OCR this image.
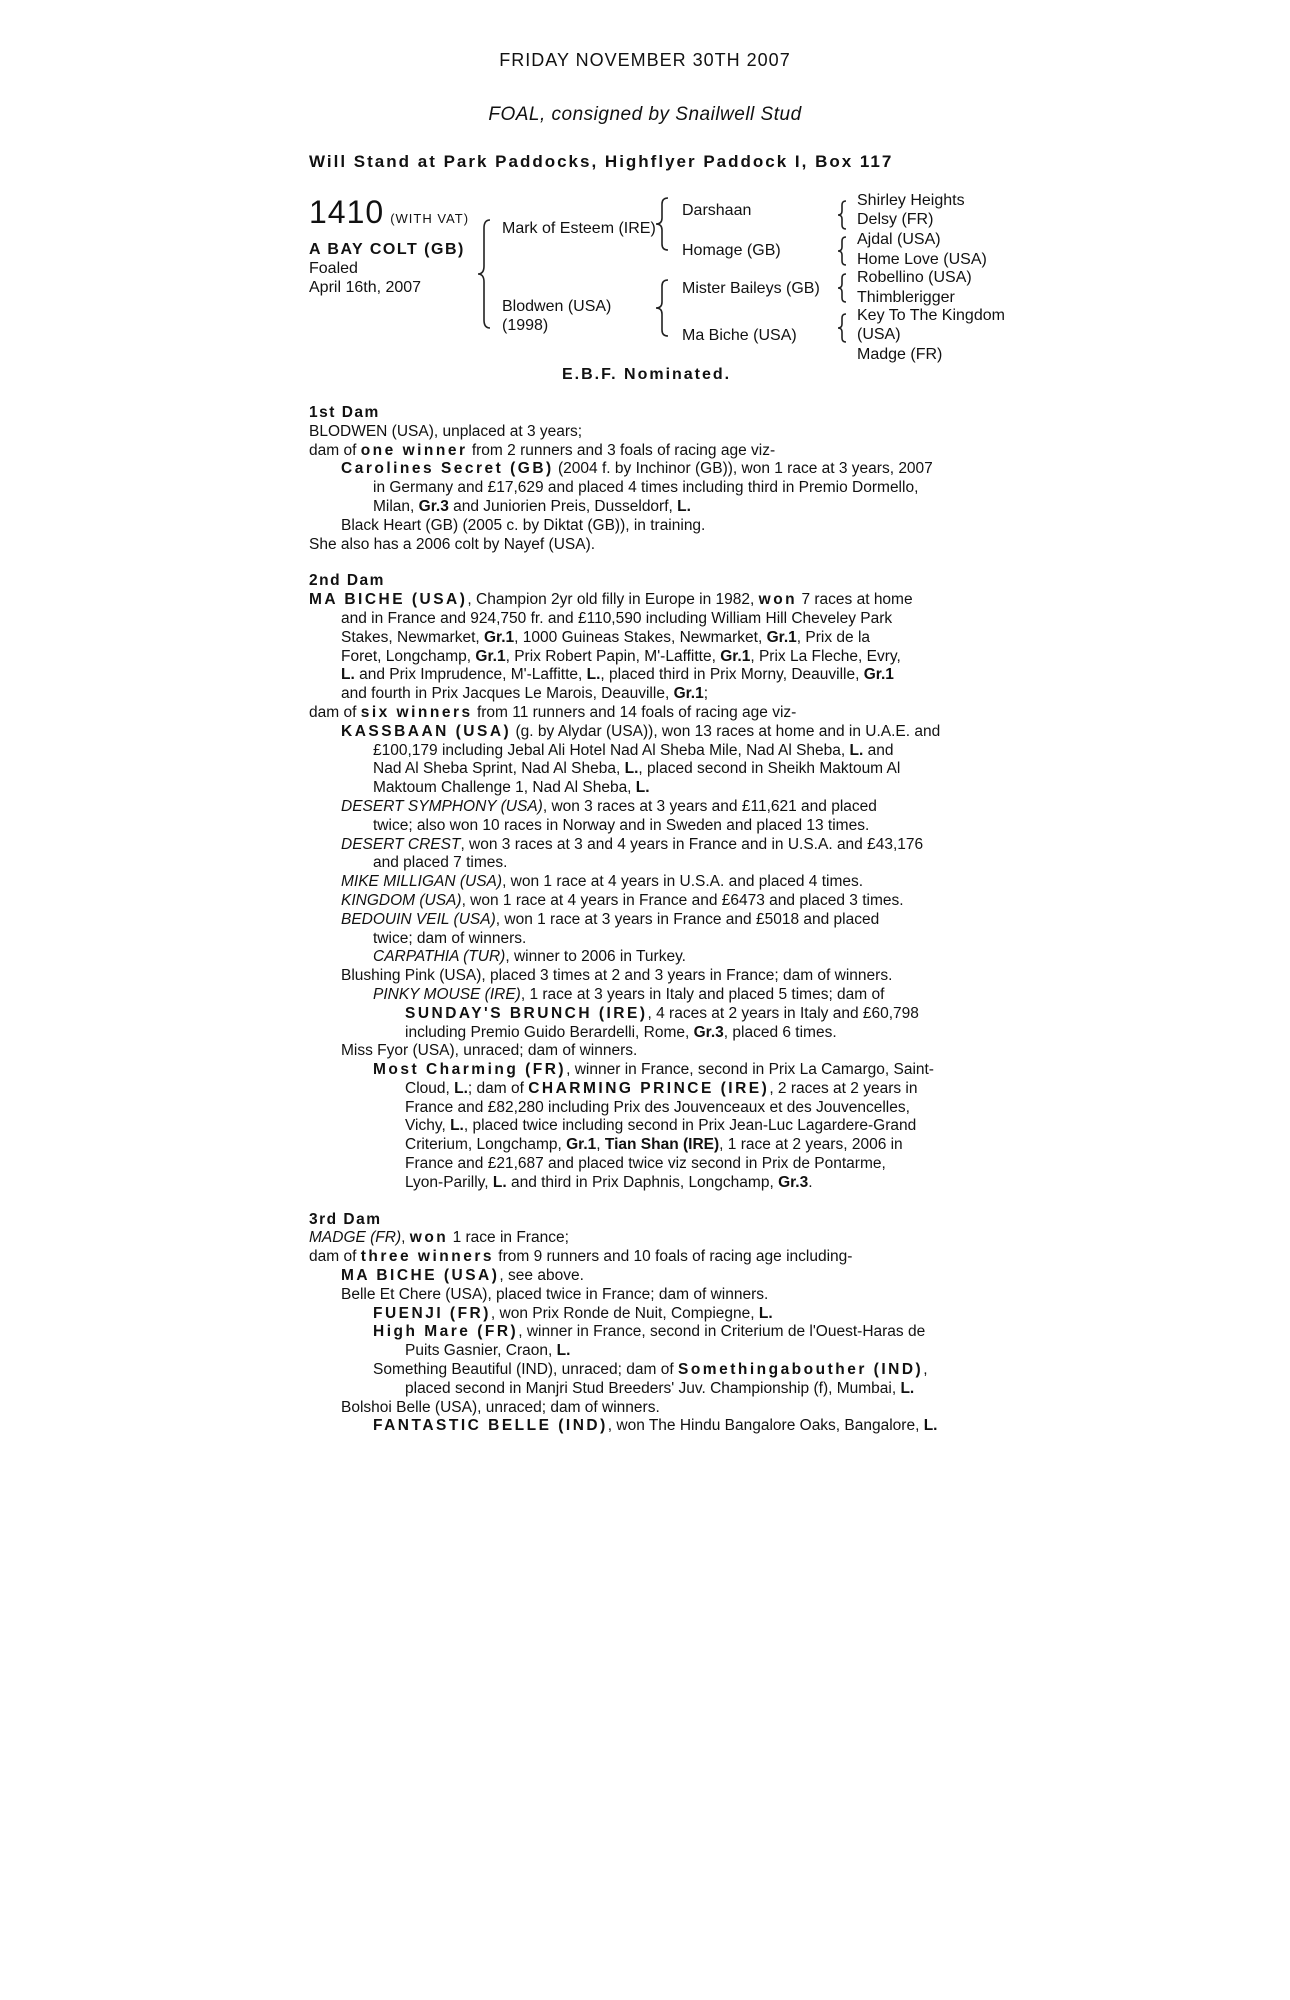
FRIDAY NOVEMBER 30TH 2007
FOAL, consigned by Snailwell Stud
Will Stand at Park Paddocks, Highflyer Paddock I, Box 117
1410 (WITH VAT)
A BAY COLT (GB)
Foaled
April 16th, 2007
Mark of Esteem (IRE)
Blodwen (USA)
(1998)
Darshaan
Homage (GB)
Mister Baileys (GB)
Ma Biche (USA)
Shirley Heights
Delsy (FR)
Ajdal (USA)
Home Love (USA)
Robellino (USA)
Thimblerigger
Key To The Kingdom
(USA)
Madge (FR)
E.B.F. Nominated.
1st Dam
BLODWEN (USA), unplaced at 3 years;
dam of one winner from 2 runners and 3 foals of racing age viz-
Carolines Secret (GB) (2004 f. by Inchinor (GB)), won 1 race at 3 years, 2007
in Germany and £17,629 and placed 4 times including third in Premio Dormello,
Milan, Gr.3 and Juniorien Preis, Dusseldorf, L.
Black Heart (GB) (2005 c. by Diktat (GB)), in training.
She also has a 2006 colt by Nayef (USA).
2nd Dam
MA BICHE (USA), Champion 2yr old filly in Europe in 1982, won 7 races at home
and in France and 924,750 fr. and £110,590 including William Hill Cheveley Park
Stakes, Newmarket, Gr.1, 1000 Guineas Stakes, Newmarket, Gr.1, Prix de la
Foret, Longchamp, Gr.1, Prix Robert Papin, M'-Laffitte, Gr.1, Prix La Fleche, Evry,
L. and Prix Imprudence, M'-Laffitte, L., placed third in Prix Morny, Deauville, Gr.1
and fourth in Prix Jacques Le Marois, Deauville, Gr.1;
dam of six winners from 11 runners and 14 foals of racing age viz-
KASSBAAN (USA) (g. by Alydar (USA)), won 13 races at home and in U.A.E. and
£100,179 including Jebal Ali Hotel Nad Al Sheba Mile, Nad Al Sheba, L. and
Nad Al Sheba Sprint, Nad Al Sheba, L., placed second in Sheikh Maktoum Al
Maktoum Challenge 1, Nad Al Sheba, L.
DESERT SYMPHONY (USA), won 3 races at 3 years and £11,621 and placed
twice; also won 10 races in Norway and in Sweden and placed 13 times.
DESERT CREST, won 3 races at 3 and 4 years in France and in U.S.A. and £43,176
and placed 7 times.
MIKE MILLIGAN (USA), won 1 race at 4 years in U.S.A. and placed 4 times.
KINGDOM (USA), won 1 race at 4 years in France and £6473 and placed 3 times.
BEDOUIN VEIL (USA), won 1 race at 3 years in France and £5018 and placed
twice; dam of winners.
CARPATHIA (TUR), winner to 2006 in Turkey.
Blushing Pink (USA), placed 3 times at 2 and 3 years in France; dam of winners.
PINKY MOUSE (IRE), 1 race at 3 years in Italy and placed 5 times; dam of
SUNDAY'S BRUNCH (IRE), 4 races at 2 years in Italy and £60,798
including Premio Guido Berardelli, Rome, Gr.3, placed 6 times.
Miss Fyor (USA), unraced; dam of winners.
Most Charming (FR), winner in France, second in Prix La Camargo, Saint-
Cloud, L.; dam of CHARMING PRINCE (IRE), 2 races at 2 years in
France and £82,280 including Prix des Jouvenceaux et des Jouvencelles,
Vichy, L., placed twice including second in Prix Jean-Luc Lagardere-Grand
Criterium, Longchamp, Gr.1, Tian Shan (IRE), 1 race at 2 years, 2006 in
France and £21,687 and placed twice viz second in Prix de Pontarme,
Lyon-Parilly, L. and third in Prix Daphnis, Longchamp, Gr.3.
3rd Dam
MADGE (FR), won 1 race in France;
dam of three winners from 9 runners and 10 foals of racing age including-
MA BICHE (USA), see above.
Belle Et Chere (USA), placed twice in France; dam of winners.
FUENJI (FR), won Prix Ronde de Nuit, Compiegne, L.
High Mare (FR), winner in France, second in Criterium de l'Ouest-Haras de
Puits Gasnier, Craon, L.
Something Beautiful (IND), unraced; dam of Somethingabouther (IND),
placed second in Manjri Stud Breeders' Juv. Championship (f), Mumbai, L.
Bolshoi Belle (USA), unraced; dam of winners.
FANTASTIC BELLE (IND), won The Hindu Bangalore Oaks, Bangalore, L.
